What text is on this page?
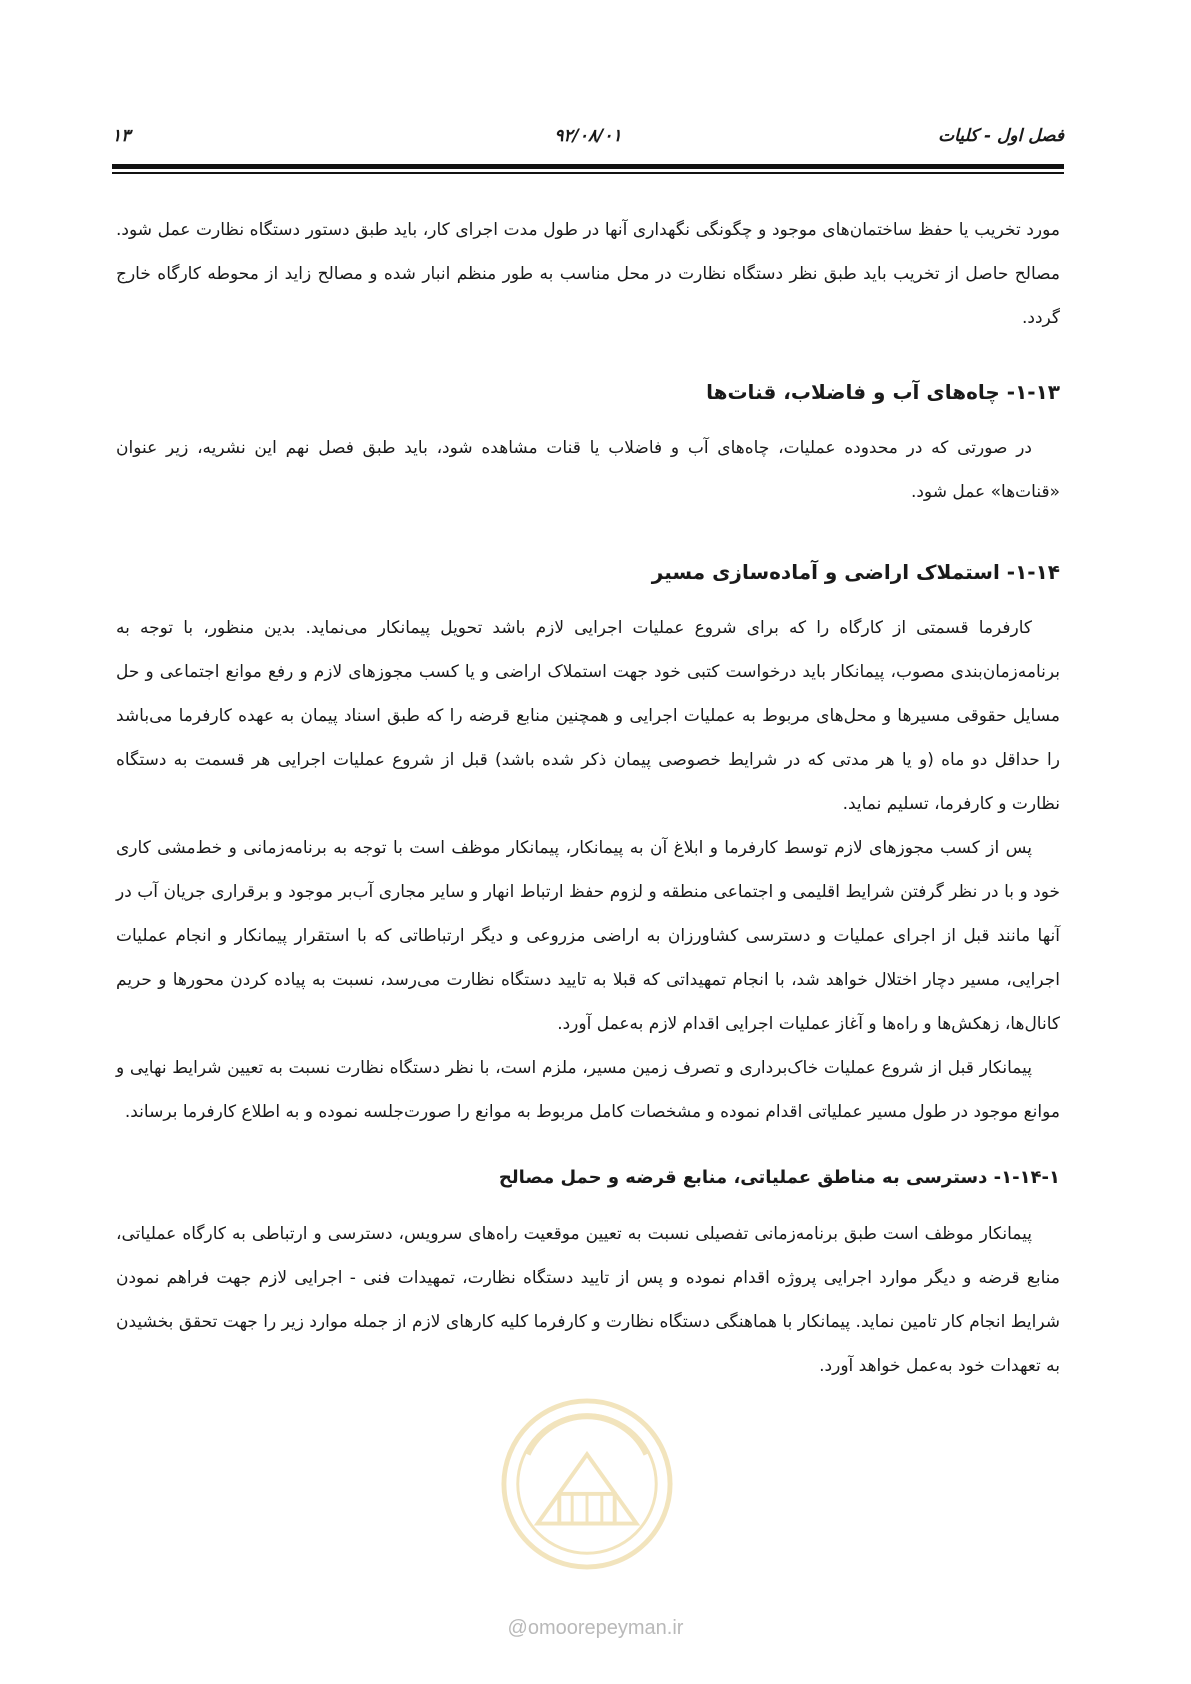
فصل اول - کلیات
۹۲/۰۸/۰۱
۱۳

مورد تخریب یا حفظ ساختمان‌های موجود و چگونگی نگهداری آنها در طول مدت اجرای کار، باید طبق دستور دستگاه نظارت عمل شود. مصالح حاصل از تخریب باید طبق نظر دستگاه نظارت در محل مناسب به طور منظم انبار شده و مصالح زاید از محوطه کارگاه خارج گردد.

۱-۱۳- چاه‌های آب و فاضلاب، قنات‌ها

در صورتی که در محدوده عملیات، چاه‌های آب و فاضلاب یا قنات مشاهده شود، باید طبق فصل نهم این نشریه، زیر عنوان «قنات‌ها» عمل شود.

۱-۱۴- استملاک اراضی و آماده‌سازی مسیر

کارفرما قسمتی از کارگاه را که برای شروع عملیات اجرایی لازم باشد تحویل پیمانکار می‌نماید. بدین منظور، با توجه به برنامه‌زمان‌بندی مصوب، پیمانکار باید درخواست کتبی خود جهت استملاک اراضی و یا کسب مجوزهای لازم و رفع موانع اجتماعی و حل مسایل حقوقی مسیرها و محل‌های مربوط به عملیات اجرایی و همچنین منابع قرضه را که طبق اسناد پیمان به عهده کارفرما می‌باشد را حداقل دو ماه (و یا هر مدتی که در شرایط خصوصی پیمان ذکر شده باشد) قبل از شروع عملیات اجرایی هر قسمت به دستگاه نظارت و کارفرما، تسلیم نماید.

پس از کسب مجوزهای لازم توسط کارفرما و ابلاغ آن به پیمانکار، پیمانکار موظف است با توجه به برنامه‌زمانی و خط‌مشی کاری خود و با در نظر گرفتن شرایط اقلیمی و اجتماعی منطقه و لزوم حفظ ارتباط انهار و سایر مجاری آب‌بر موجود و برقراری جریان آب در آنها مانند قبل از اجرای عملیات و دسترسی کشاورزان به اراضی مزروعی و دیگر ارتباطاتی که با استقرار پیمانکار و انجام عملیات اجرایی، مسیر دچار اختلال خواهد شد، با انجام تمهیداتی که قبلا به تایید دستگاه نظارت می‌رسد، نسبت به پیاده کردن محورها و حریم کانال‌ها، زهکش‌ها و راه‌ها و آغاز عملیات اجرایی اقدام لازم به‌عمل آورد.

پیمانکار قبل از شروع عملیات خاک‌برداری و تصرف زمین مسیر، ملزم است، با نظر دستگاه نظارت نسبت به تعیین شرایط نهایی و موانع موجود در طول مسیر عملیاتی اقدام نموده و مشخصات کامل مربوط به موانع را صورت‌جلسه نموده و به اطلاع کارفرما برساند.

۱-۱۴-۱- دسترسی به مناطق عملیاتی، منابع قرضه و حمل مصالح

پیمانکار موظف است طبق برنامه‌زمانی تفصیلی نسبت به تعیین موقعیت راه‌های سرویس، دسترسی و ارتباطی به کارگاه عملیاتی، منابع قرضه و دیگر موارد اجرایی پروژه اقدام نموده و پس از تایید دستگاه نظارت، تمهیدات فنی - اجرایی لازم جهت فراهم نمودن شرایط انجام کار تامین نماید. پیمانکار با هماهنگی دستگاه نظارت و کارفرما کلیه کارهای لازم از جمله موارد زیر را جهت تحقق بخشیدن به تعهدات خود به‌عمل خواهد آورد.

@omoorepeyman.ir
